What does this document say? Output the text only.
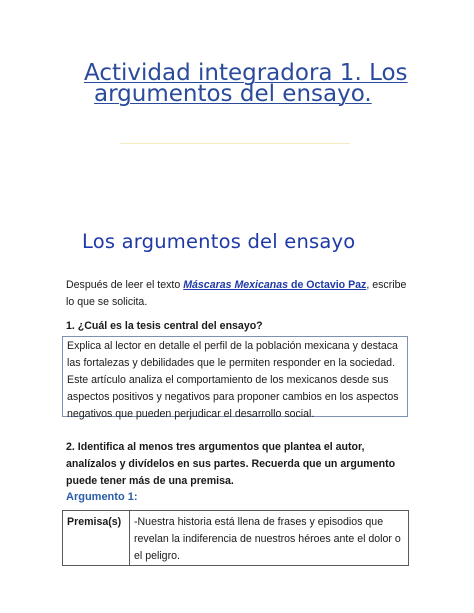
Actividad integradora 1. Los
argumentos del ensayo.
Los argumentos del ensayo
Después de leer el texto Máscaras Mexicanas de Octavio Paz, escribe lo que se solicita.
1. ¿Cuál es la tesis central del ensayo?
Explica al lector en detalle el perfil de la población mexicana y destaca las fortalezas y debilidades que le permiten responder en la sociedad. Este artículo analiza el comportamiento de los mexicanos desde sus aspectos positivos y negativos para proponer cambios en los aspectos negativos que pueden perjudicar el desarrollo social.
2. Identifica al menos tres argumentos que plantea el autor, analízalos y divídelos en sus partes. Recuerda que un argumento puede tener más de una premisa.
Argumento 1:
Premisa(s)	-Nuestra historia está llena de frases y episodios que revelan la indiferencia de nuestros héroes ante el dolor o el peligro.
